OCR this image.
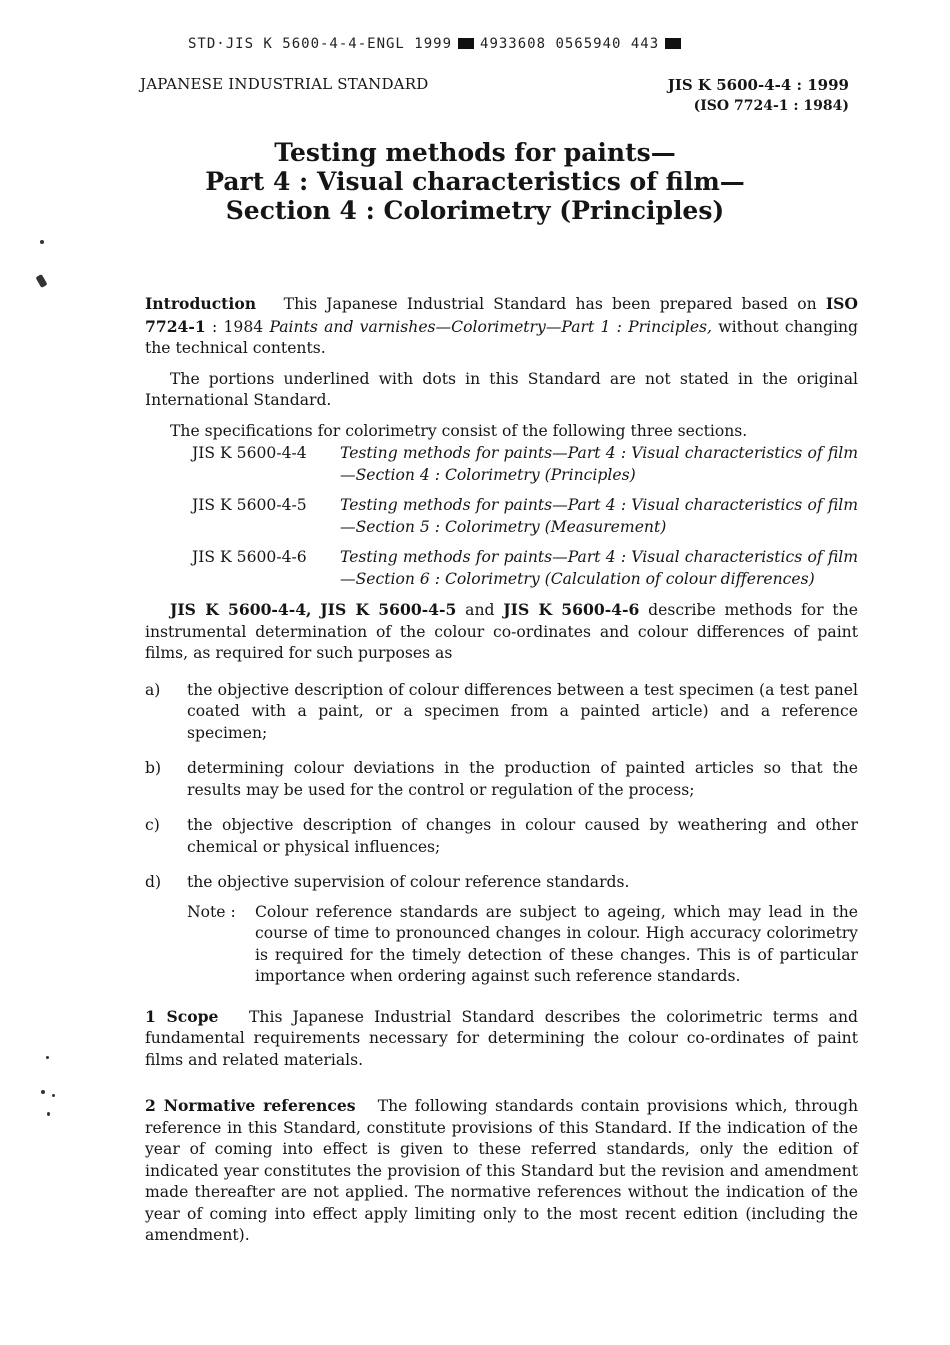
STD·JIS K 5600-4-4-ENGL 1999 4933608 0565940 443
JAPANESE INDUSTRIAL STANDARD	JIS K 5600-4-4 : 1999
(ISO 7724-1 : 1984)
Testing methods for paints—
Part 4 : Visual characteristics of film—
Section 4 : Colorimetry (Principles)

Introduction This Japanese Industrial Standard has been prepared based on ISO 7724-1 : 1984 Paints and varnishes—Colorimetry—Part 1 : Principles, without changing the technical contents.

The portions underlined with dots in this Standard are not stated in the original International Standard.

The specifications for colorimetry consist of the following three sections.

JIS K 5600-4-4	Testing methods for paints—Part 4 : Visual characteristics of film—Section 4 : Colorimetry (Principles)
JIS K 5600-4-5	Testing methods for paints—Part 4 : Visual characteristics of film—Section 5 : Colorimetry (Measurement)
JIS K 5600-4-6	Testing methods for paints—Part 4 : Visual characteristics of film—Section 6 : Colorimetry (Calculation of colour differences)

JIS K 5600-4-4, JIS K 5600-4-5 and JIS K 5600-4-6 describe methods for the instrumental determination of the colour co-ordinates and colour differences of paint films, as required for such purposes as

a)	the objective description of colour differences between a test specimen (a test panel coated with a paint, or a specimen from a painted article) and a reference specimen;
b)	determining colour deviations in the production of painted articles so that the results may be used for the control or regulation of the process;
c)	the objective description of changes in colour caused by weathering and other chemical or physical influences;
d)	the objective supervision of colour reference standards.
Note :	Colour reference standards are subject to ageing, which may lead in the course of time to pronounced changes in colour. High accuracy colorimetry is required for the timely detection of these changes. This is of particular importance when ordering against such reference standards.

1 Scope This Japanese Industrial Standard describes the colorimetric terms and fundamental requirements necessary for determining the colour co-ordinates of paint films and related materials.

2 Normative references The following standards contain provisions which, through reference in this Standard, constitute provisions of this Standard. If the indication of the year of coming into effect is given to these referred standards, only the edition of indicated year constitutes the provision of this Standard but the revision and amendment made thereafter are not applied. The normative references without the indication of the year of coming into effect apply limiting only to the most recent edition (including the amendment).
